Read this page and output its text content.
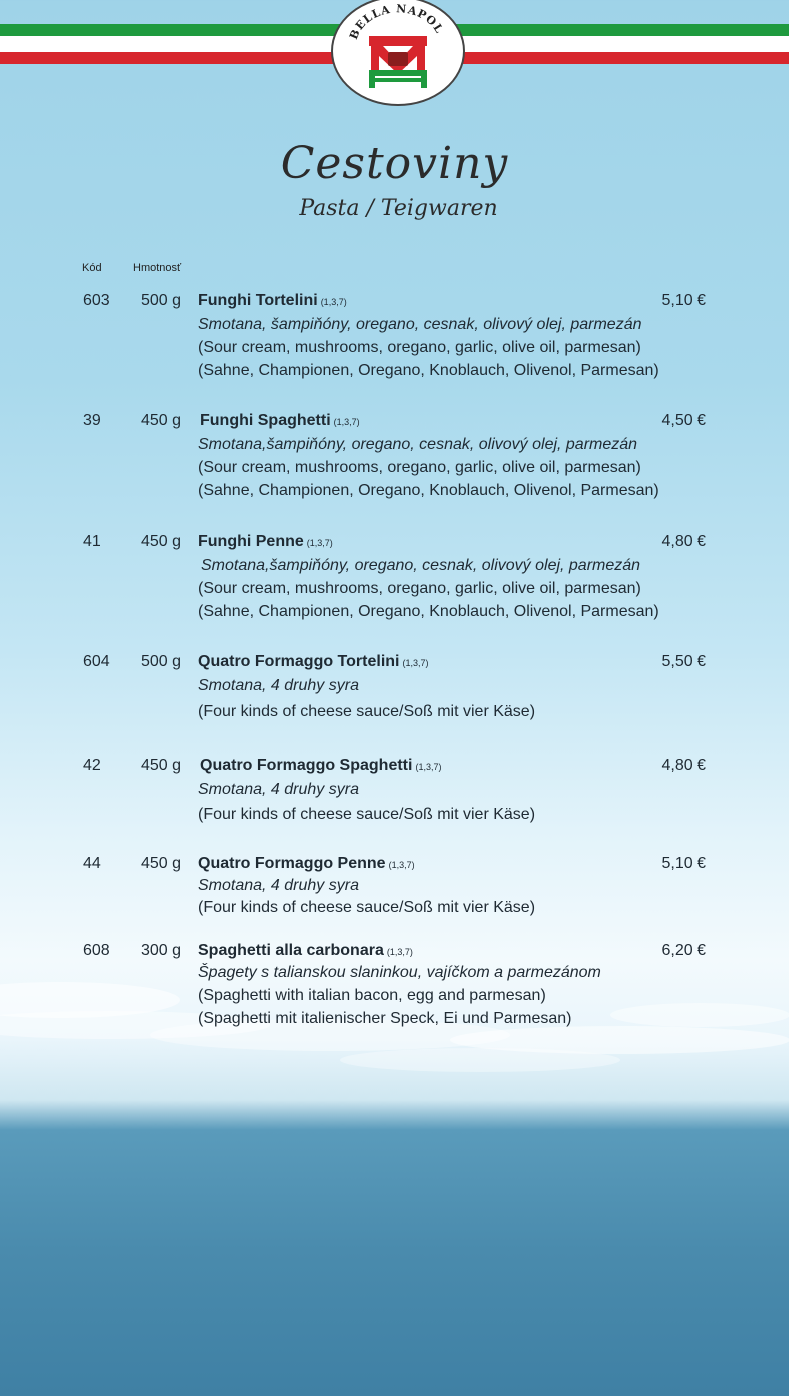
BELLA NAPOL
Cestoviny
Pasta / Teigwaren
Kód	Hmotnosť
603	500 g Funghi Tortelini (1,3,7)	5,10 €
Smotana, šampiňóny, oregano, cesnak, olivový olej, parmezán
(Sour cream, mushrooms, oregano, garlic, olive oil, parmesan)
(Sahne, Championen, Oregano, Knoblauch, Olivenol, Parmesan)
39	450 g Funghi Spaghetti (1,3,7)	4,50 €
Smotana,šampiňóny, oregano, cesnak, olivový olej, parmezán
(Sour cream, mushrooms, oregano, garlic, olive oil, parmesan)
(Sahne, Championen, Oregano, Knoblauch, Olivenol, Parmesan)
41	450 g Funghi Penne (1,3,7)	4,80 €
Smotana,šampiňóny, oregano, cesnak, olivový olej, parmezán
(Sour cream, mushrooms, oregano, garlic, olive oil, parmesan)
(Sahne, Championen, Oregano, Knoblauch, Olivenol, Parmesan)
604	500 g Quatro Formaggo Tortelini (1,3,7)	5,50 €
Smotana, 4 druhy syra
(Four kinds of cheese sauce/Soß mit vier Käse)
42	450 g Quatro Formaggo Spaghetti (1,3,7)	4,80 €
Smotana, 4 druhy syra
(Four kinds of cheese sauce/Soß mit vier Käse)
44	450 g Quatro Formaggo Penne (1,3,7)	5,10 €
Smotana, 4 druhy syra
(Four kinds of cheese sauce/Soß mit vier Käse)
608	300 g Spaghetti alla carbonara (1,3,7)	6,20 €
Špagety s talianskou slaninkou, vajíčkom a parmezánom
(Spaghetti with italian bacon, egg and parmesan)
(Spaghetti mit italienischer Speck, Ei und Parmesan)
